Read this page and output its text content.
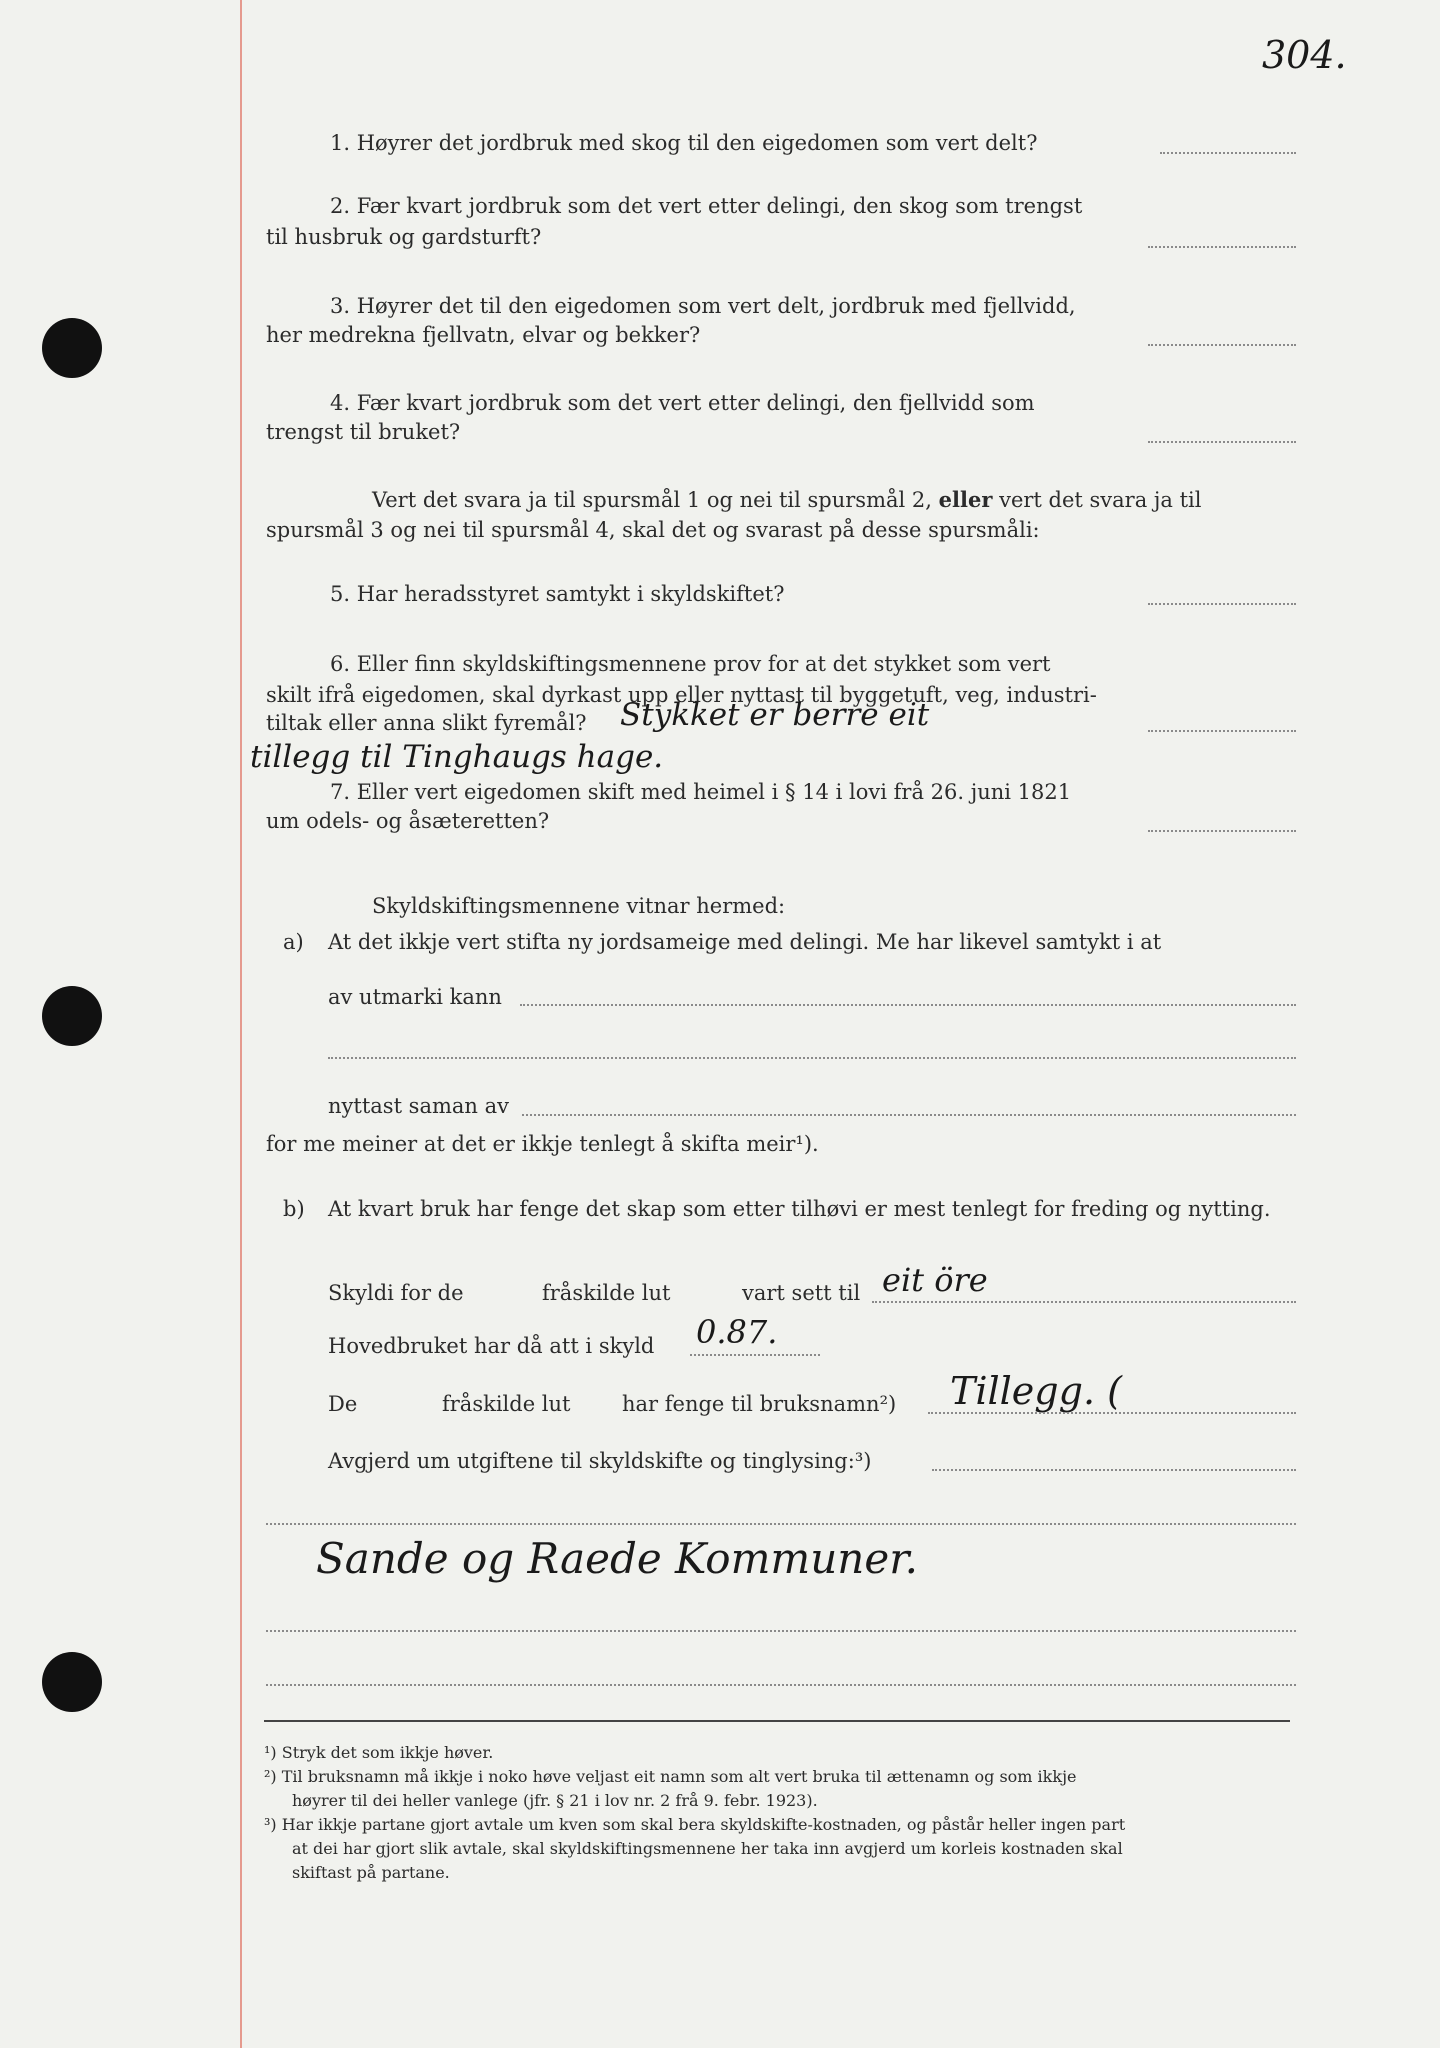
304.
1. Høyrer det jordbruk med skog til den eigedomen som vert delt?
2. Fær kvart jordbruk som det vert etter delingi, den skog som trengst
til husbruk og gardsturft?
3. Høyrer det til den eigedomen som vert delt, jordbruk med fjellvidd,
her medrekna fjellvatn, elvar og bekker?
4. Fær kvart jordbruk som det vert etter delingi, den fjellvidd som
trengst til bruket?
Vert det svara ja til spursmål 1 og nei til spursmål 2, eller vert det svara ja til
spursmål 3 og nei til spursmål 4, skal det og svarast på desse spursmåli:
5. Har heradsstyret samtykt i skyldskiftet?
6. Eller finn skyldskiftingsmennene prov for at det stykket som vert
skilt ifrå eigedomen, skal dyrkast upp eller nyttast til byggetuft, veg, industri-
tiltak eller anna slikt fyremål? Stykket er berre eit
tillegg til Tinghaugs hage.
7. Eller vert eigedomen skift med heimel i § 14 i lovi frå 26. juni 1821
um odels- og åsæteretten?
Skyldskiftingsmennene vitnar hermed:
a) At det ikkje vert stifta ny jordsameige med delingi. Me har likevel samtykt i at
av utmarki kann
nyttast saman av
for me meiner at det er ikkje tenlegt å skifta meir¹).
b) At kvart bruk har fenge det skap som etter tilhøvi er mest tenlegt for freding og nytting.
Skyldi for de	fråskilde lut	vart sett til eit öre
Hovedbruket har då att i skyld 0.87.
De	fråskilde lut har fenge til bruksnamn²) Tillegg. (
Avgjerd um utgiftene til skyldskifte og tinglysing:³)
Sande og Raede Kommuner.
¹) Stryk det som ikkje høver.
²) Til bruksnamn må ikkje i noko høve veljast eit namn som alt vert bruka til ættenamn og som ikkje
høyrer til dei heller vanlege (jfr. § 21 i lov nr. 2 frå 9. febr. 1923).
³) Har ikkje partane gjort avtale um kven som skal bera skyldskifte-kostnaden, og påstår heller ingen part
at dei har gjort slik avtale, skal skyldskiftingsmennene her taka inn avgjerd um korleis kostnaden skal
skiftast på partane.
